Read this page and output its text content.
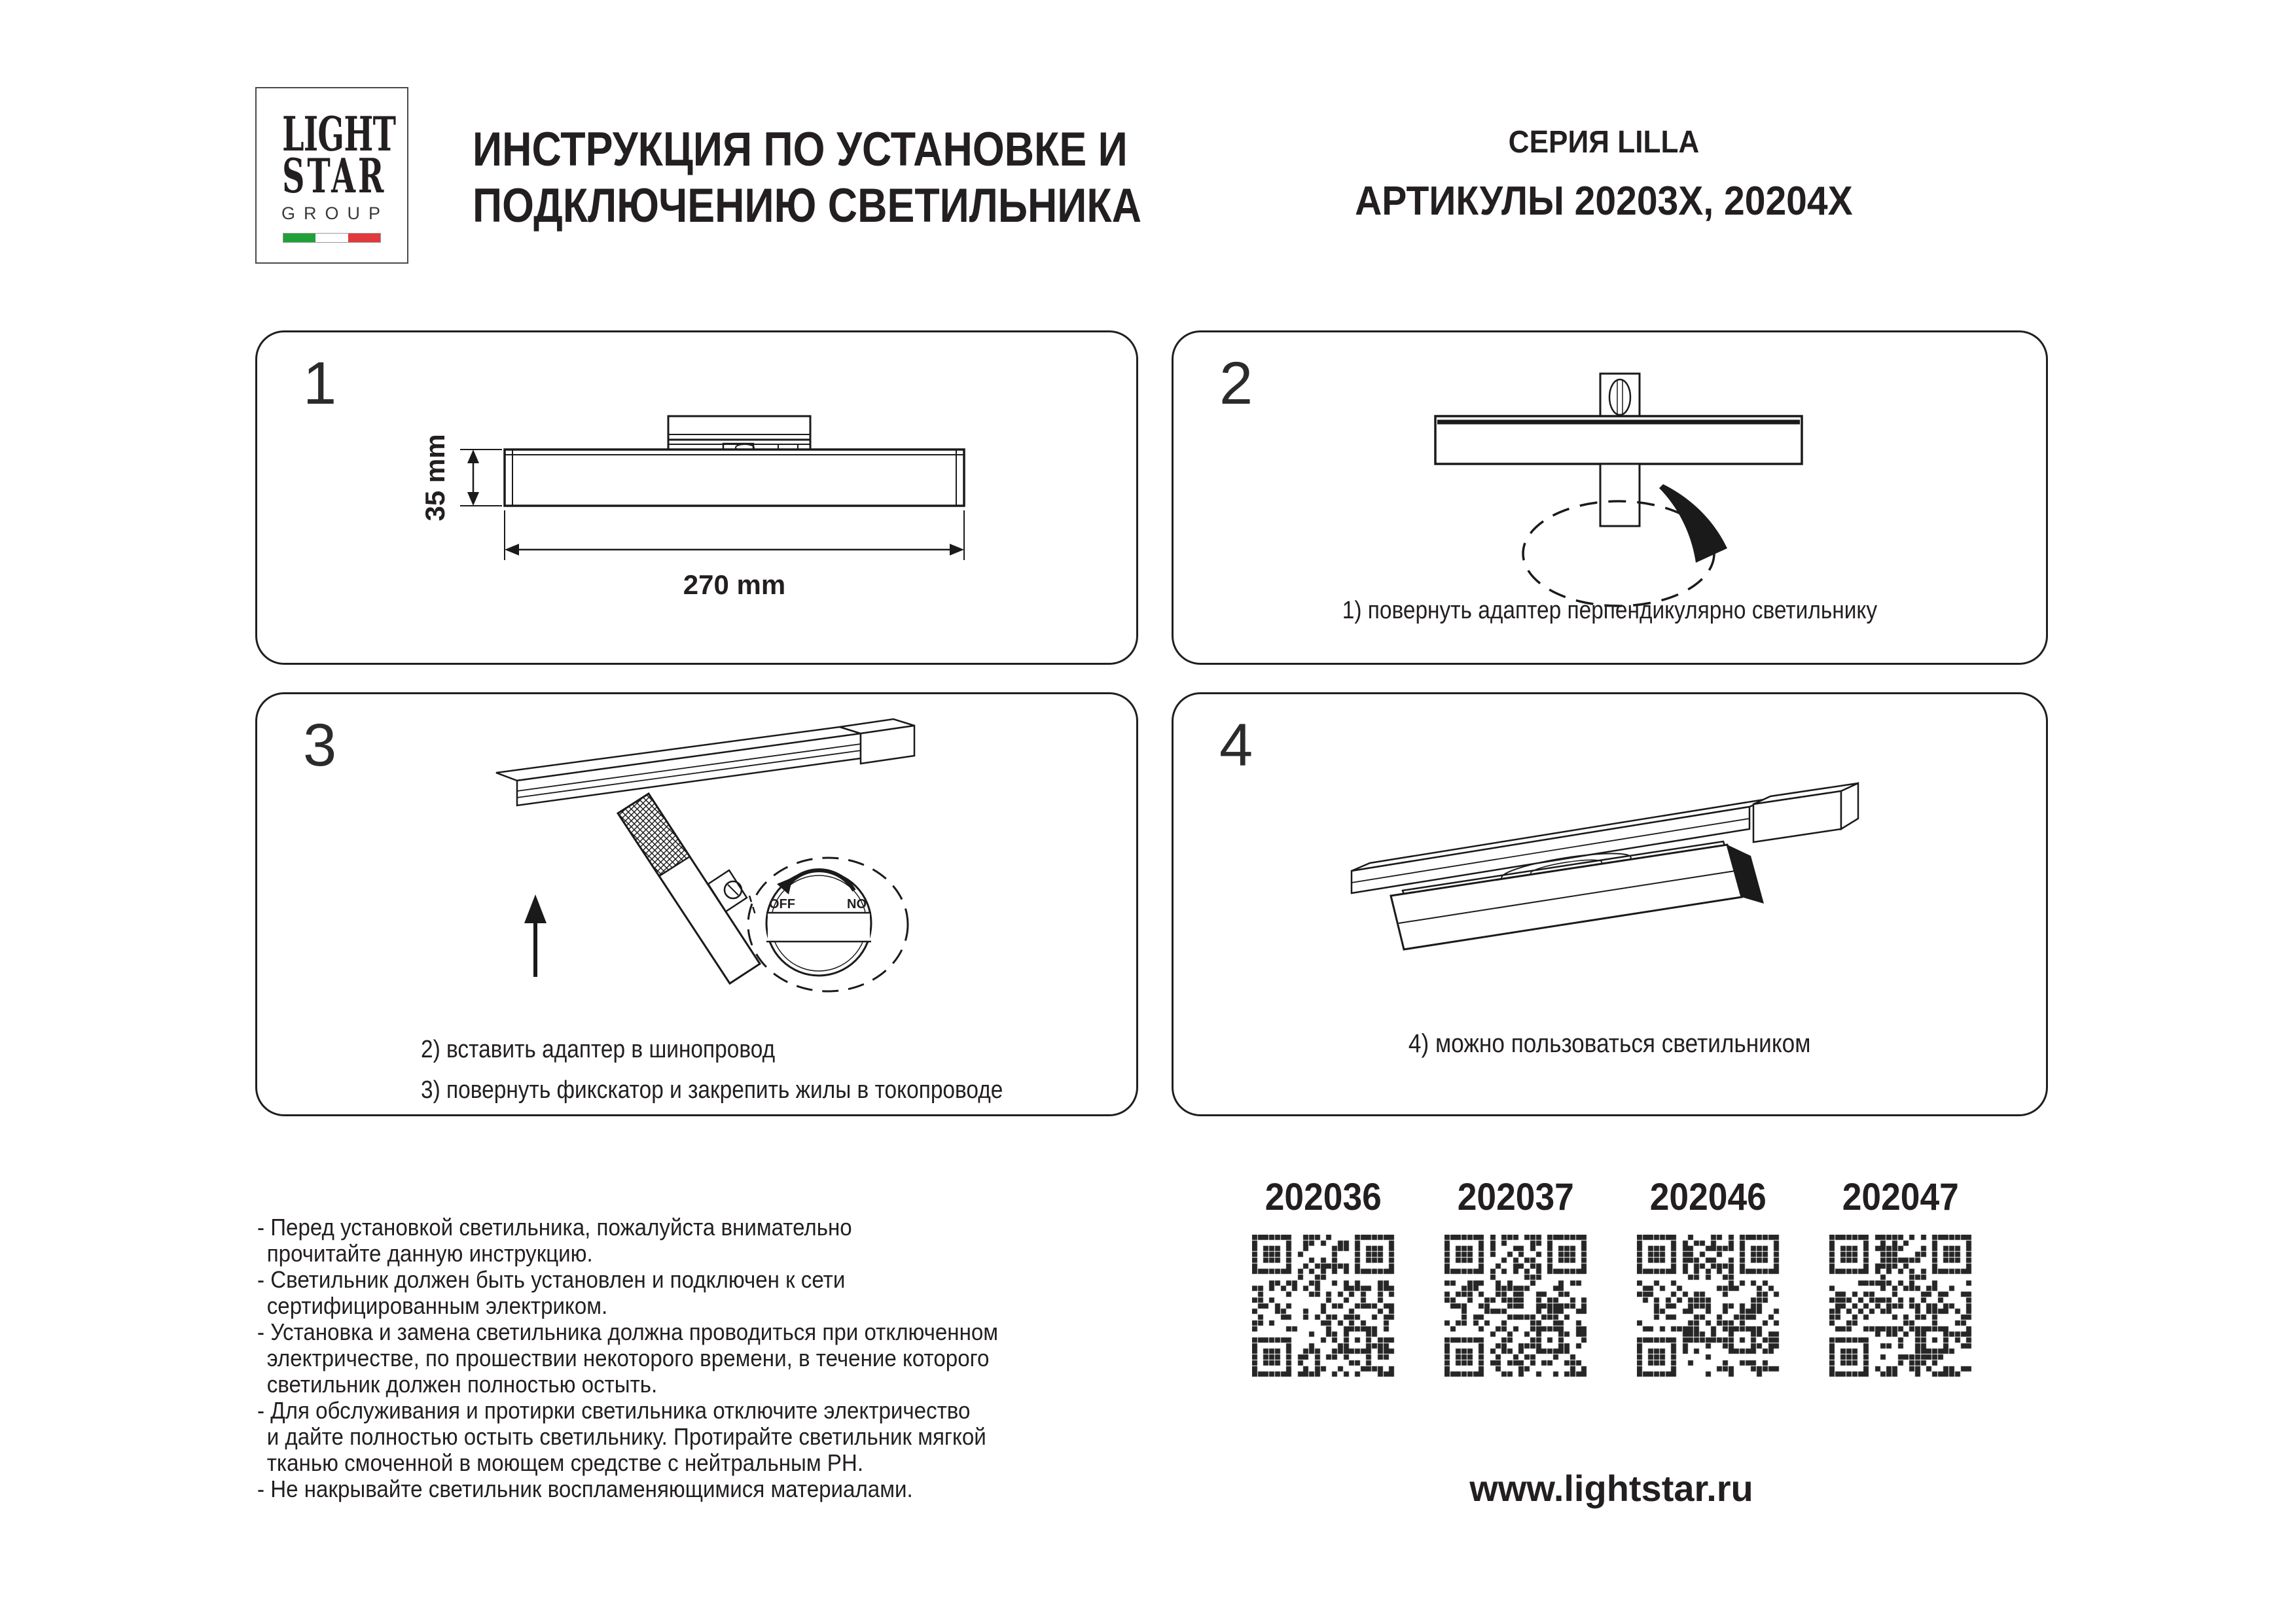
LIGHT
STAR
GROUP
ИНСТРУКЦИЯ ПО УСТАНОВКЕ И
ПОДКЛЮЧЕНИЮ СВЕТИЛЬНИКА
СЕРИЯ LILLA
АРТИКУЛЫ 20203X, 20204X
1
35 mm
270 mm
2
1) повернуть адаптер перпендикулярно светильнику
3
OFF	NO
2) вставить адаптер в шинопровод
3) повернуть фикскатор и закрепить жилы в токопроводе
4
4) можно пользоваться светильником
- Перед установкой светильника, пожалуйста внимательно
прочитайте данную инструкцию.
- Светильник должен быть установлен и подключен к сети
сертифицированным электриком.
- Установка и замена светильника должна проводиться при отключенном
электричестве, по прошествии некоторого времени, в течение которого
светильник должен полностью остыть.
- Для обслуживания и протирки светильника отключите электричество
и дайте полностью остыть светильнику. Протирайте светильник мягкой
тканью смоченной в моющем средстве с нейтральным PH.
- Не накрывайте светильник воспламеняющимися материалами.
202036 202037 202046 202047
www.lightstar.ru
